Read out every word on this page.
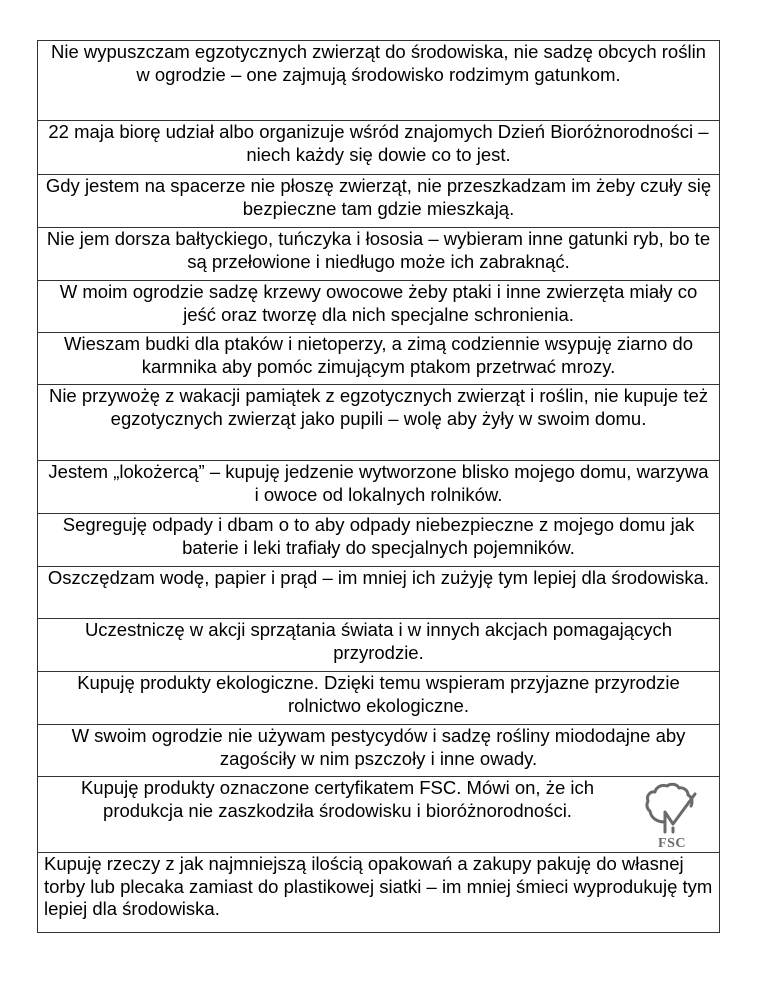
Nie wypuszczam egzotycznych zwierząt do środowiska, nie sadzę obcych roślin w ogrodzie – one zajmują środowisko rodzimym gatunkom.
22 maja biorę udział albo organizuje wśród znajomych Dzień Bioróżnorodności – niech każdy się dowie co to jest.
Gdy jestem na spacerze nie płoszę zwierząt, nie przeszkadzam im żeby czuły się bezpieczne tam gdzie mieszkają.
Nie jem dorsza bałtyckiego, tuńczyka i łososia – wybieram inne gatunki ryb, bo te są przełowione i niedługo może ich zabraknąć.
W moim ogrodzie sadzę krzewy owocowe żeby ptaki i inne zwierzęta miały co jeść oraz tworzę dla nich specjalne schronienia.
Wieszam budki dla ptaków i nietoperzy, a zimą codziennie wsypuję ziarno do karmnika aby pomóc zimującym ptakom przetrwać mrozy.
Nie przywożę z wakacji pamiątek z egzotycznych zwierząt i roślin, nie kupuje też egzotycznych zwierząt jako pupili – wolę aby żyły w swoim domu.
Jestem „lokożercą” – kupuję jedzenie wytworzone blisko mojego domu, warzywa i owoce od lokalnych rolników.
Segreguję odpady i dbam o to aby odpady niebezpieczne z mojego domu jak baterie i leki trafiały do specjalnych pojemników.
Oszczędzam wodę, papier i prąd – im mniej ich zużyję tym lepiej dla środowiska.
Uczestniczę w akcji sprzątania świata i w innych akcjach pomagających przyrodzie.
Kupuję produkty ekologiczne. Dzięki temu wspieram przyjazne przyrodzie rolnictwo ekologiczne.
W swoim ogrodzie nie używam pestycydów i sadzę rośliny miododajne aby zagościły w nim pszczoły i inne owady.
Kupuję produkty oznaczone certyfikatem FSC. Mówi on, że ich produkcja nie zaszkodziła środowisku i bioróżnorodności.
FSC
Kupuję rzeczy z jak najmniejszą ilością opakowań a zakupy pakuję do własnej torby lub plecaka zamiast do plastikowej siatki – im mniej śmieci wyprodukuję tym lepiej dla środowiska.
